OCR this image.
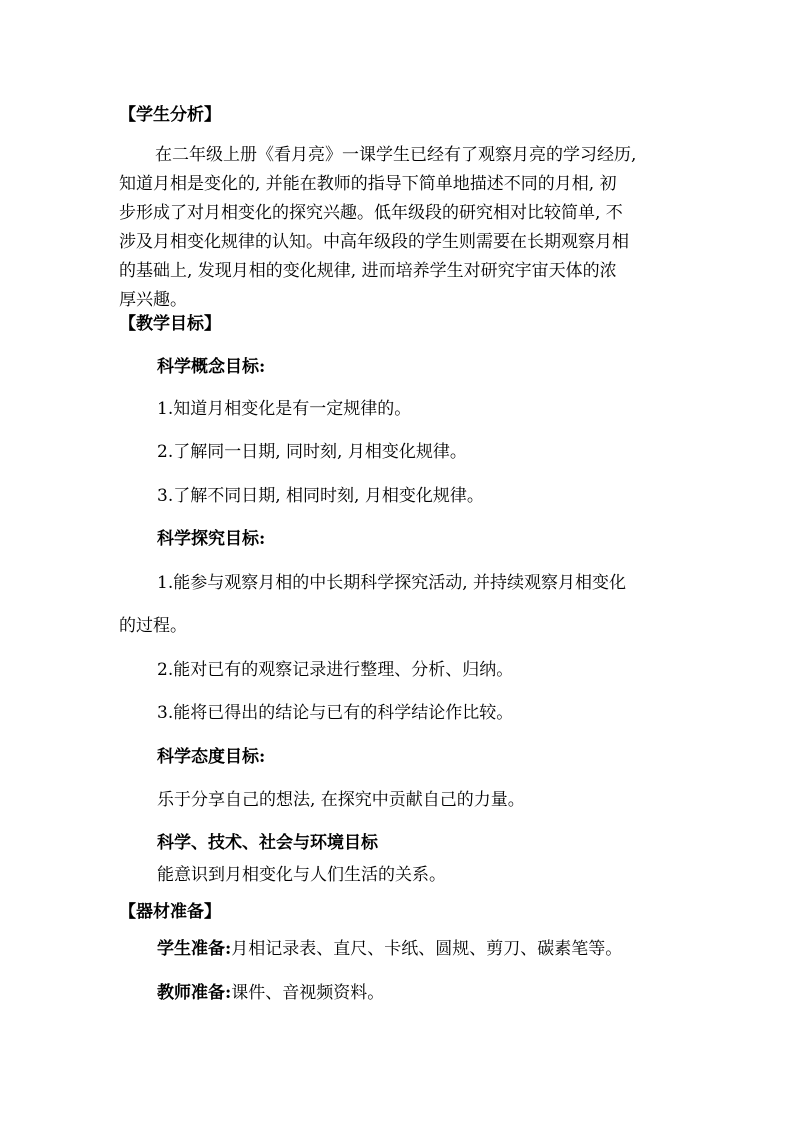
【学生分析】

在二年级上册《看月亮》一课学生已经有了观察月亮的学习经历,

知道月相是变化的, 并能在教师的指导下简单地描述不同的月相, 初

步形成了对月相变化的探究兴趣。低年级段的研究相对比较简单, 不

涉及月相变化规律的认知。中高年级段的学生则需要在长期观察月相

的基础上, 发现月相的变化规律, 进而培养学生对研究宇宙天体的浓

厚兴趣。

【教学目标】

科学概念目标:

1.知道月相变化是有一定规律的。

2.了解同一日期, 同时刻, 月相变化规律。

3.了解不同日期, 相同时刻, 月相变化规律。

科学探究目标:

1.能参与观察月相的中长期科学探究活动, 并持续观察月相变化

的过程。

2.能对已有的观察记录进行整理、分析、归纳。

3.能将已得出的结论与已有的科学结论作比较。

科学态度目标:

乐于分享自己的想法, 在探究中贡献自己的力量。

科学、技术、社会与环境目标

能意识到月相变化与人们生活的关系。

【器材准备】

学生准备:月相记录表、直尺、卡纸、圆规、剪刀、碳素笔等。

教师准备:课件、音视频资料。
